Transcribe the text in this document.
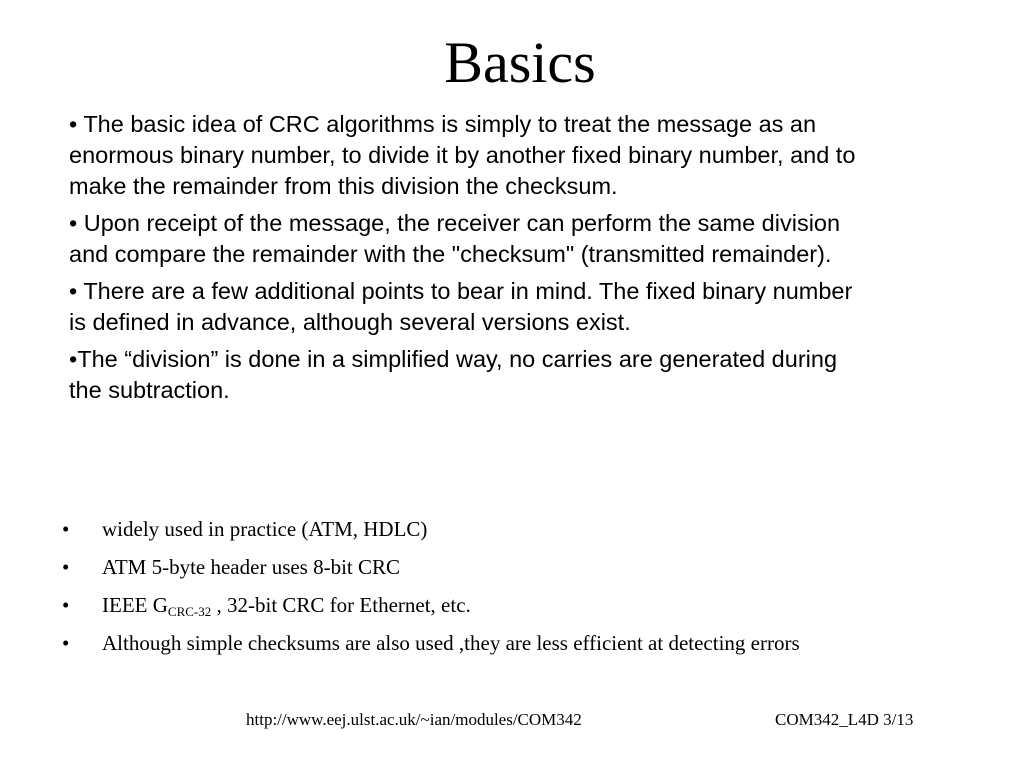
Basics

• The basic idea of CRC algorithms is simply to treat the message as an enormous binary number, to divide it by another fixed binary number, and to make the remainder from this division the checksum.

• Upon receipt of the message, the receiver can perform the same division and compare the remainder with the "checksum" (transmitted remainder).

• There are a few additional points to bear in mind. The fixed binary number is defined in advance, although several versions exist.

•The “division” is done in a simplified way, no carries are generated during the subtraction.

• widely used in practice (ATM, HDLC)
• ATM 5-byte header uses 8-bit CRC
• IEEE $G_{CRC-32}$ , 32-bit CRC for Ethernet, etc.
• Although simple checksums are also used ,they are less efficient at detecting errors
http://www.eej.ulst.ac.uk/~ian/modules/COM342	COM342_L4D 3/13
